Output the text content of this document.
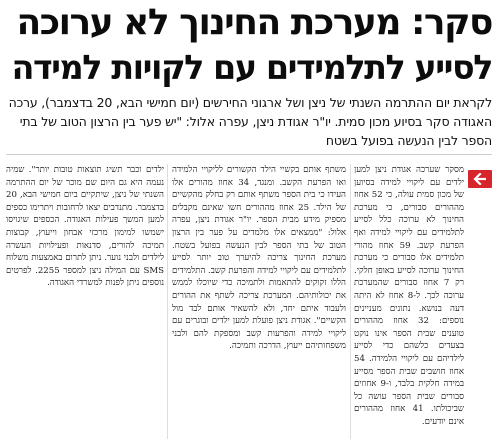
סקר: מערכת החינוך לא ערוכה
לסייע לתלמידים עם לקויות למידה
לקראת יום ההתרמה השנתי של ניצן ושל ארגוני החירשים (יום חמישי הבא, 20 בדצמבר), ערכה
האגודה סקר בסיוע מכון סמית. יו"ר אגודת ניצן, עפרה אלול: "יש פער בין הרצון הטוב של בתי
הספר לבין הנעשה בפועל בשטח

מסקר שערכה אגודת ניצן למען ילדים עם ליקויי למידה בסיוען של מכון סמית עולה, כי 52 אחוז מההורים סבורים, כי מערכת החינוך לא ערוכה כלל לסייע לתלמידים עם ליקויי למידה ואף הפרעת קשב. 59 אחוז מהורי תלמידים אלו סבורים כי מערכת החינוך ערוכה לסייע באופן חלקי. רק 7 אחוז סבורים שהמערכת ערוכה לכך. ל-8 אחוז לא היתה דעה בנושא. נתונים מעניינים נוספים: 32 אחוז מההורים טוענים שבית הספר אינו נוקט בצעדים כלשהם כדי לסייע לילדיהם עם ליקויי הלמידה. 54 אחוז חושבים שבית הספר מסייע במידה חלקית בלבד, ו-9 אחוזים סבורים שבית הספר עושה כל שביכולתו. 41 אחוז מההורים אינם יודעים.

משתף אותם בקשיי הילד הקשורים לליקויי הלמידה ואו הפרעת הקשב. ומנגד, 34 אחוז מהורים אלו העידו כי בית הספר משתף אותם רק בחלק מהקשיים של הילד. 25 אחוז מההורים חשו שאינם מקבלים מספיק מידע מבית הספר. יו"ר אגודת ניצן, עפרה אלול: "ממצאים אלו מלמדים על פער בין הרצון הטוב של בתי הספר לבין הנעשה בפועל בשטח. מערכת החינוך צריכה להיערך טוב יותר לסייע לתלמידים עם ליקויי למידה והפרעת קשב. התלמידים הללו זקוקים להתאמות ולתמיכה כדי שיוכלו לממש את יכולותיהם. המערכת צריכה לשתף את ההורים ולעבוד איתם יחד, ולא להשאיר אותם לבד מול הקשיים". אגודת ניצן פועלת למען ילדים ובוגרים עם ליקויי למידה והפרעות קשב ומספקת להם ולבני משפחותיהם ייעוץ, הדרכה ותמיכה.

ילדים וכבר תשיג תוצאות טובות יותר". שמיה נעמה היא גם היום שם מוכר של יום ההתרמה השנתי של ניצן, שיתקיים ביום חמישי הבא, 20 בדצמבר. מתנדבים יצאו לרחובות ויתרימו כספים למען המשך פעילות האגודה. הכספים שיגויסו ישמשו למימון מרכזי אבחון וייעוץ, קבוצות תמיכה להורים, סדנאות ופעילויות העשרה לילדים ולבני נוער. ניתן לתרום באמצעות משלוח SMS עם המילה ניצן למספר 2255. לפרטים נוספים ניתן לפנות למשרדי האגודה.
